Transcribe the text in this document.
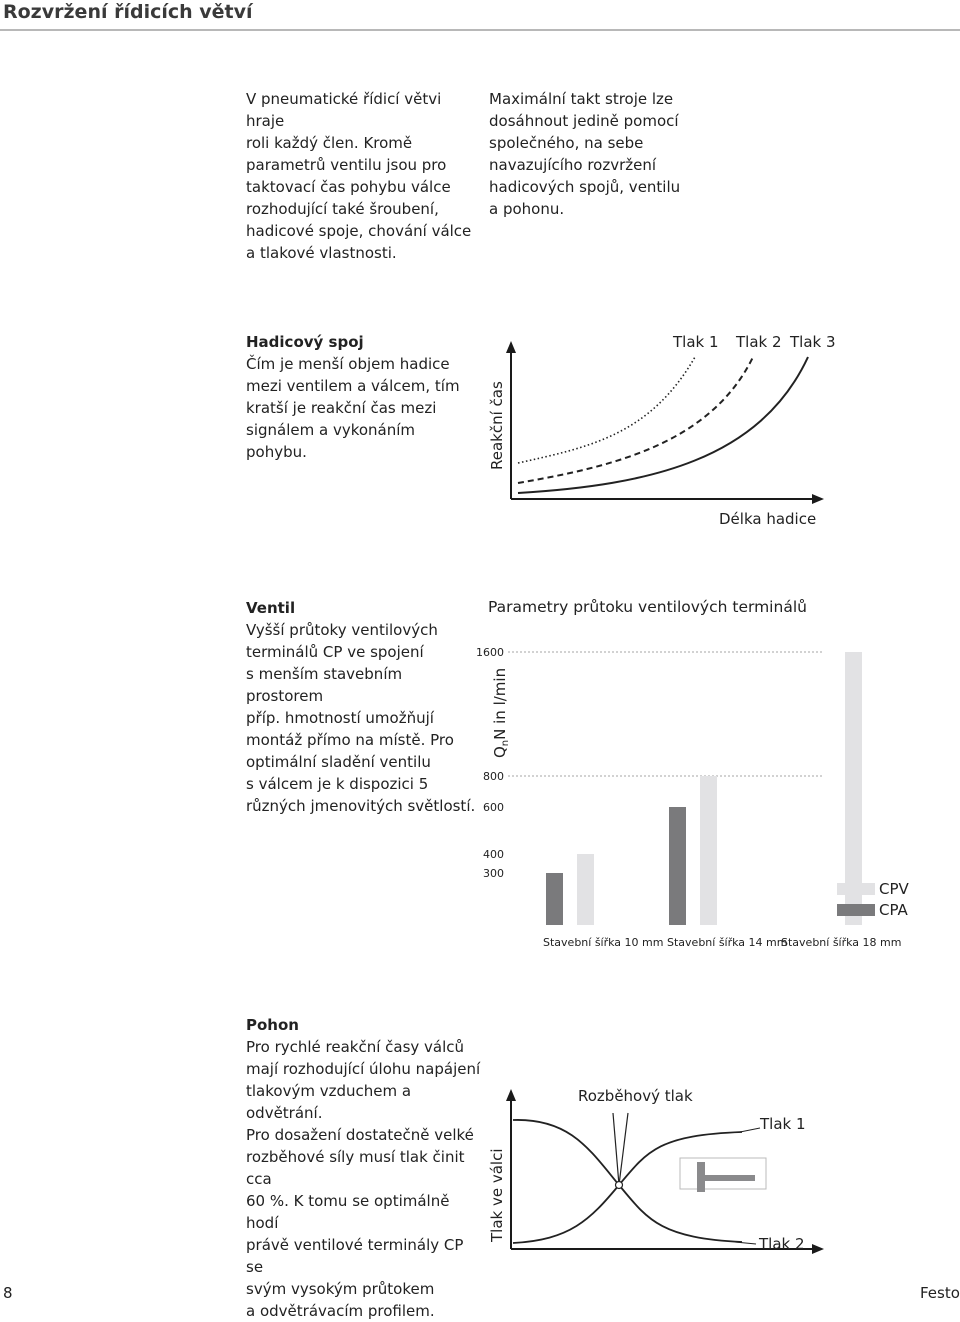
Rozvržení řídicích větví
V pneumatické řídicí větvi hraje
roli každý člen. Kromě
parametrů ventilu jsou pro
taktovací čas pohybu válce
rozhodující také šroubení,
hadicové spoje, chování válce
a tlakové vlastnosti.
Maximální takt stroje lze
dosáhnout jedině pomocí
společného, na sebe
navazujícího rozvržení
hadicových spojů, ventilu
a pohonu.
Hadicový spoj
Čím je menší objem hadice
mezi ventilem a válcem, tím
kratší je reakční čas mezi
signálem a vykonáním pohybu.
Tlak 1 Tlak 2 Tlak 3
Reakční čas
Délka hadice
Ventil
Vyšší průtoky ventilových
terminálů CP ve spojení
s menším stavebním prostorem
příp. hmotností umožňují
montáž přímo na místě. Pro
optimální sladění ventilu
s válcem je k dispozici 5
různých jmenovitých světlostí.
Parametry průtoku ventilových terminálů
$Q_nN$ in l/min
1600
800
600
400
300
Stavební šířka 10 mm Stavební šířka 14 mm
Stavební šířka 18 mm
CPV
CPA
Pohon
Pro rychlé reakční časy válců
mají rozhodující úlohu napájení
tlakovým vzduchem a odvětrání.
Pro dosažení dostatečně velké
rozběhové síly musí tlak činit cca
60 %. K tomu se optimálně hodí
právě ventilové terminály CP se
svým vysokým průtokem
a odvětrávacím profilem.
Tlak ve válci
Rozběhový tlak
Tlak 1
Tlak 2
8	Festo
